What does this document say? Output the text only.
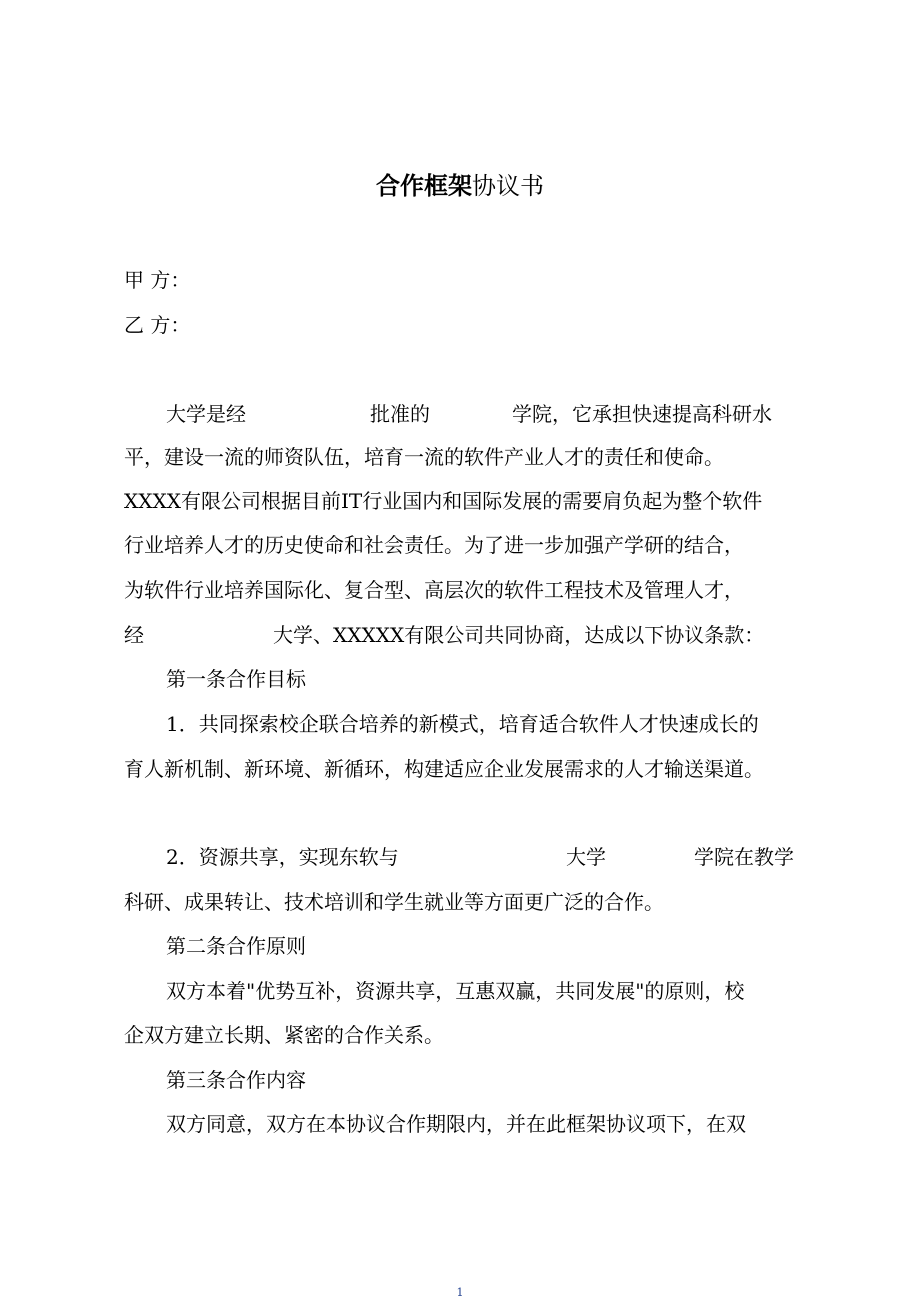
合作框架协议书
甲 方：
乙 方：
大学是经	批准的	学院，它承担快速提高科研水
平，建设一流的师资队伍，培育一流的软件产业人才的责任和使命。
XXXX有限公司根据目前IT行业国内和国际发展的需要肩负起为整个软件
行业培养人才的历史使命和社会责任。为了进一步加强产学研的结合，
为软件行业培养国际化、复合型、高层次的软件工程技术及管理人才，
经	大学、XXXXX有限公司共同协商，达成以下协议条款：
第一条合作目标
1．共同探索校企联合培养的新模式，培育适合软件人才快速成长的
育人新机制、新环境、新循环，构建适应企业发展需求的人才输送渠道。
2．资源共享，实现东软与	大学	学院在教学
科研、成果转让、技术培训和学生就业等方面更广泛的合作。
第二条合作原则
双方本着"优势互补，资源共享，互惠双赢，共同发展"的原则，校
企双方建立长期、紧密的合作关系。
第三条合作内容
双方同意，双方在本协议合作期限内，并在此框架协议项下，在双
1
